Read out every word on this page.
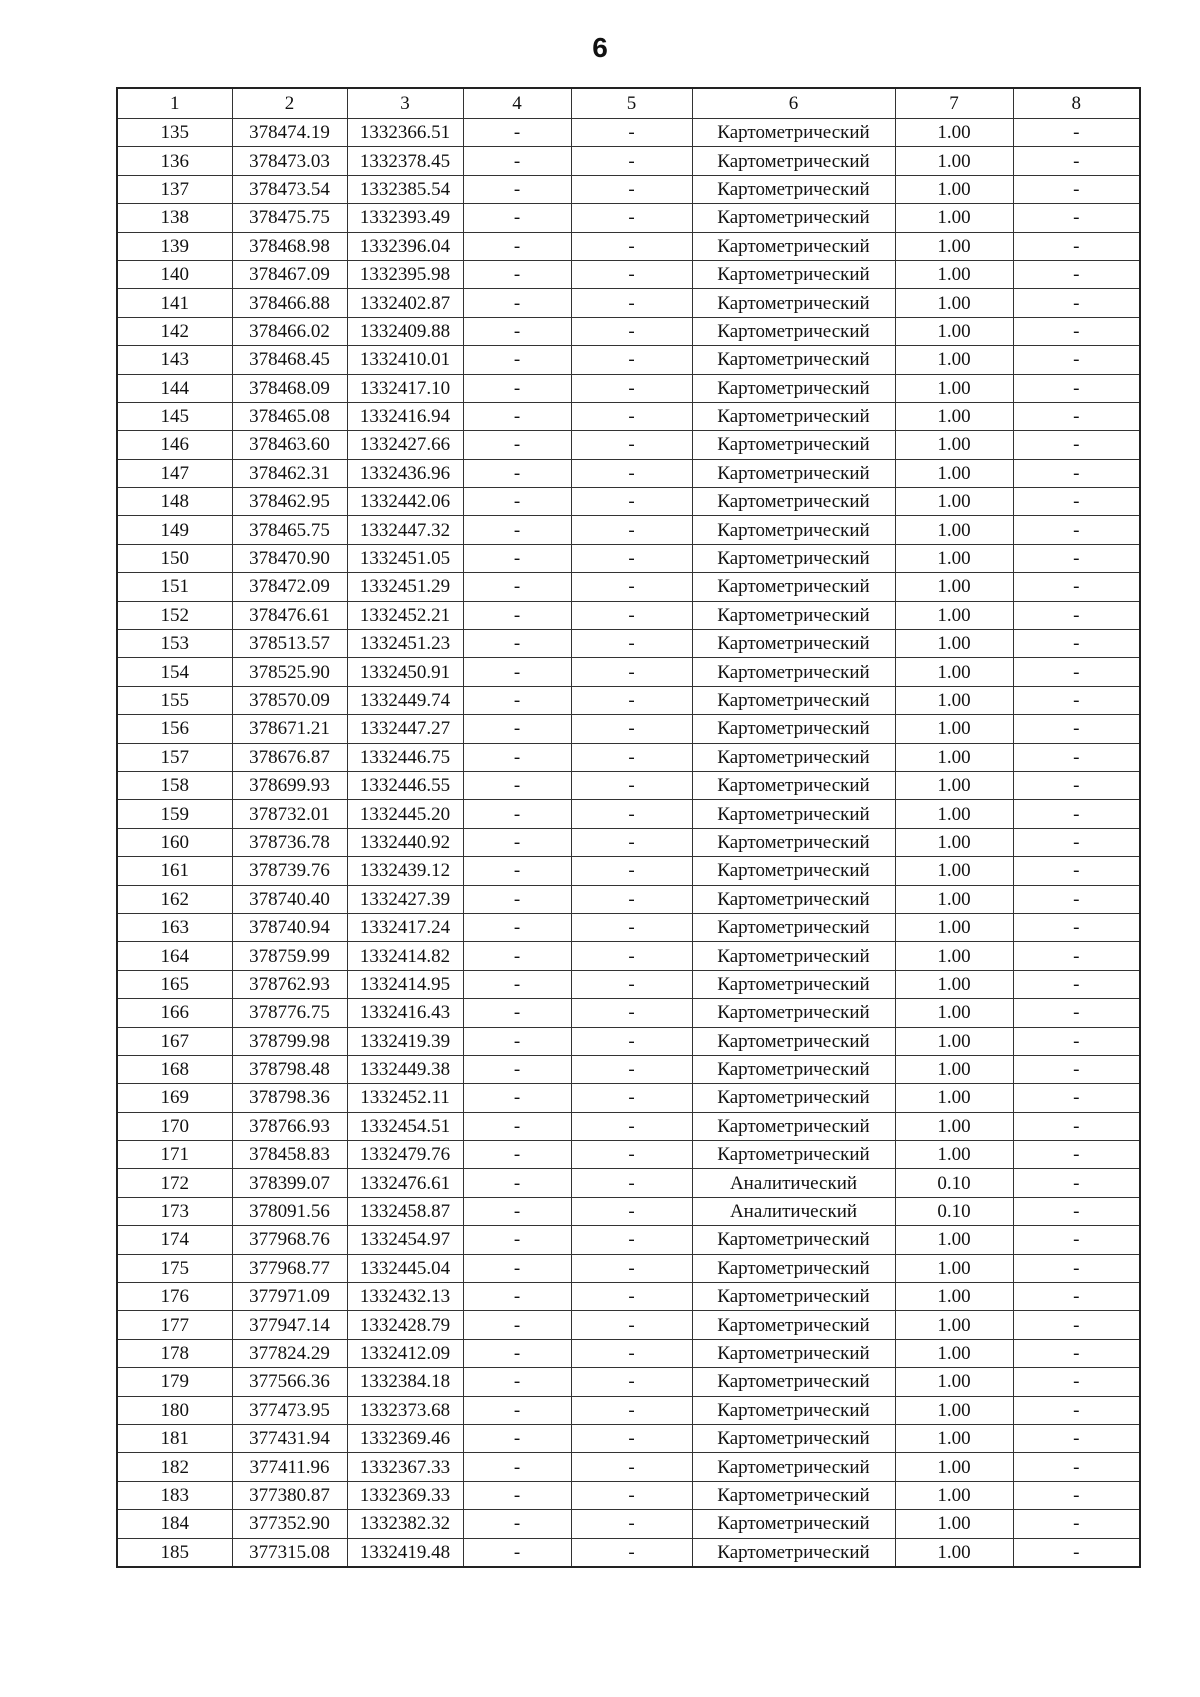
6
1	2	3	4	5	6	7	8
135	378474.19	1332366.51	-	-	Картометрический	1.00	-
136	378473.03	1332378.45	-	-	Картометрический	1.00	-
137	378473.54	1332385.54	-	-	Картометрический	1.00	-
138	378475.75	1332393.49	-	-	Картометрический	1.00	-
139	378468.98	1332396.04	-	-	Картометрический	1.00	-
140	378467.09	1332395.98	-	-	Картометрический	1.00	-
141	378466.88	1332402.87	-	-	Картометрический	1.00	-
142	378466.02	1332409.88	-	-	Картометрический	1.00	-
143	378468.45	1332410.01	-	-	Картометрический	1.00	-
144	378468.09	1332417.10	-	-	Картометрический	1.00	-
145	378465.08	1332416.94	-	-	Картометрический	1.00	-
146	378463.60	1332427.66	-	-	Картометрический	1.00	-
147	378462.31	1332436.96	-	-	Картометрический	1.00	-
148	378462.95	1332442.06	-	-	Картометрический	1.00	-
149	378465.75	1332447.32	-	-	Картометрический	1.00	-
150	378470.90	1332451.05	-	-	Картометрический	1.00	-
151	378472.09	1332451.29	-	-	Картометрический	1.00	-
152	378476.61	1332452.21	-	-	Картометрический	1.00	-
153	378513.57	1332451.23	-	-	Картометрический	1.00	-
154	378525.90	1332450.91	-	-	Картометрический	1.00	-
155	378570.09	1332449.74	-	-	Картометрический	1.00	-
156	378671.21	1332447.27	-	-	Картометрический	1.00	-
157	378676.87	1332446.75	-	-	Картометрический	1.00	-
158	378699.93	1332446.55	-	-	Картометрический	1.00	-
159	378732.01	1332445.20	-	-	Картометрический	1.00	-
160	378736.78	1332440.92	-	-	Картометрический	1.00	-
161	378739.76	1332439.12	-	-	Картометрический	1.00	-
162	378740.40	1332427.39	-	-	Картометрический	1.00	-
163	378740.94	1332417.24	-	-	Картометрический	1.00	-
164	378759.99	1332414.82	-	-	Картометрический	1.00	-
165	378762.93	1332414.95	-	-	Картометрический	1.00	-
166	378776.75	1332416.43	-	-	Картометрический	1.00	-
167	378799.98	1332419.39	-	-	Картометрический	1.00	-
168	378798.48	1332449.38	-	-	Картометрический	1.00	-
169	378798.36	1332452.11	-	-	Картометрический	1.00	-
170	378766.93	1332454.51	-	-	Картометрический	1.00	-
171	378458.83	1332479.76	-	-	Картометрический	1.00	-
172	378399.07	1332476.61	-	-	Аналитический	0.10	-
173	378091.56	1332458.87	-	-	Аналитический	0.10	-
174	377968.76	1332454.97	-	-	Картометрический	1.00	-
175	377968.77	1332445.04	-	-	Картометрический	1.00	-
176	377971.09	1332432.13	-	-	Картометрический	1.00	-
177	377947.14	1332428.79	-	-	Картометрический	1.00	-
178	377824.29	1332412.09	-	-	Картометрический	1.00	-
179	377566.36	1332384.18	-	-	Картометрический	1.00	-
180	377473.95	1332373.68	-	-	Картометрический	1.00	-
181	377431.94	1332369.46	-	-	Картометрический	1.00	-
182	377411.96	1332367.33	-	-	Картометрический	1.00	-
183	377380.87	1332369.33	-	-	Картометрический	1.00	-
184	377352.90	1332382.32	-	-	Картометрический	1.00	-
185	377315.08	1332419.48	-	-	Картометрический	1.00	-
